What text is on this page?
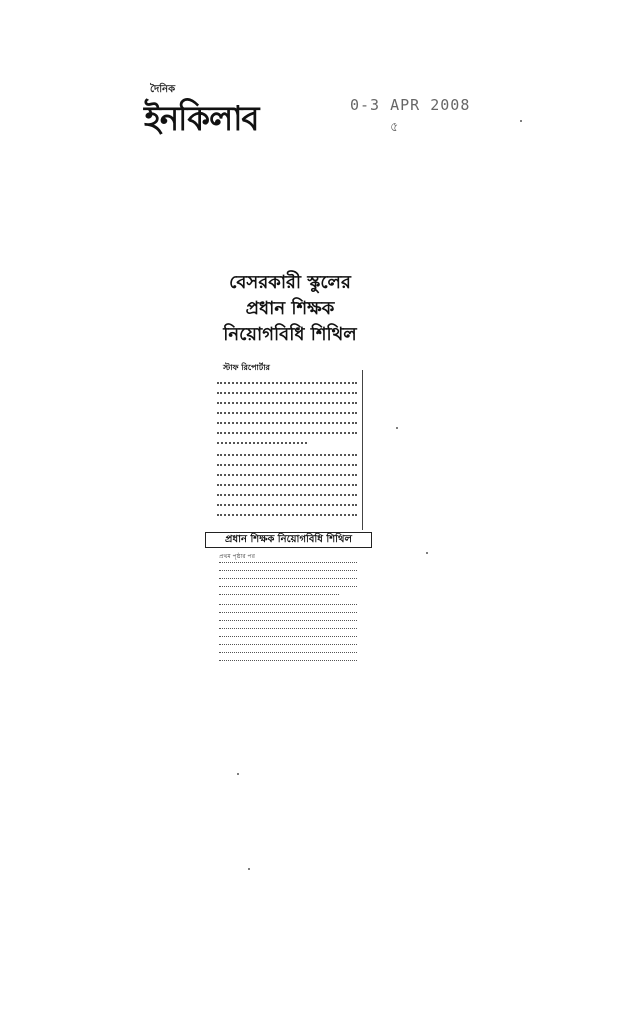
দৈনিক
ইনকিলাব	0-3 APR 2008
৫
বেসরকারী স্কুলের
প্রধান শিক্ষক
নিয়োগবিধি শিথিল
স্টাফ রিপোর্টার
প্রধান শিক্ষক নিয়োগবিধি শিথিল
প্রথম পৃষ্ঠার পর
